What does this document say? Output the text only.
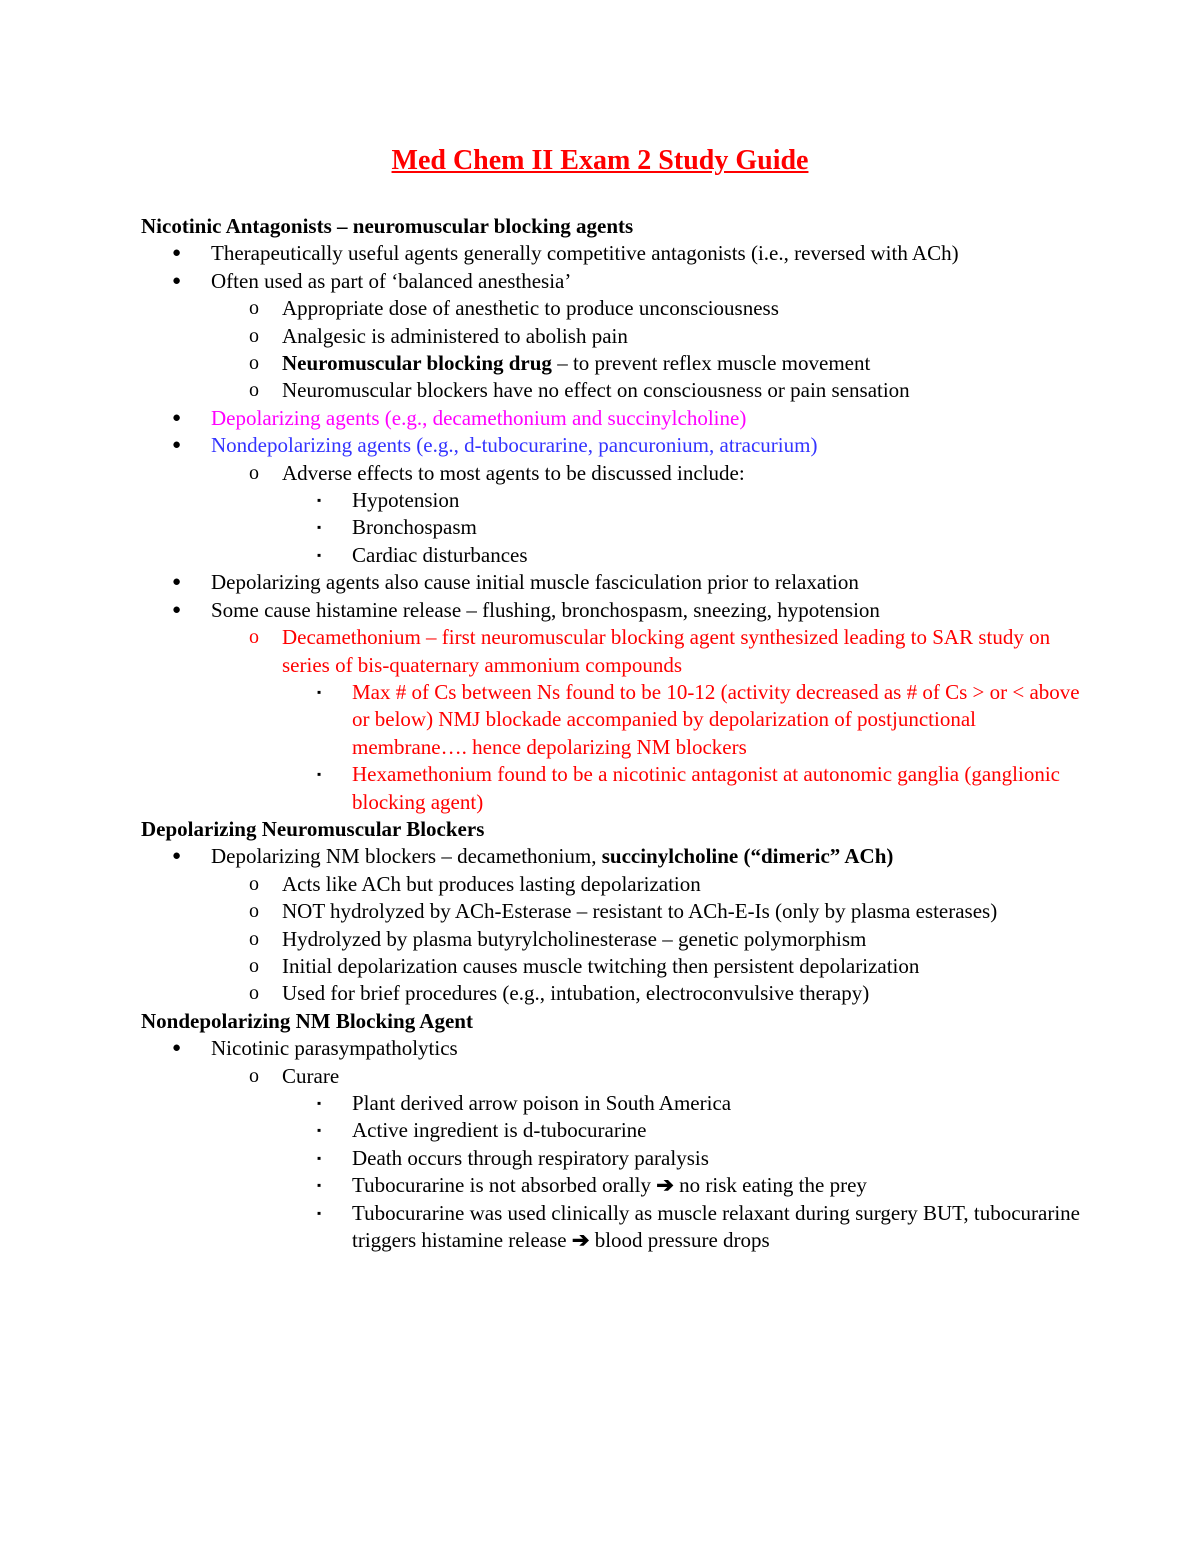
Med Chem II Exam 2 Study Guide
Nicotinic Antagonists – neuromuscular blocking agents
● Therapeutically useful agents generally competitive antagonists (i.e., reversed with ACh)
● Often used as part of ‘balanced anesthesia’
o Appropriate dose of anesthetic to produce unconsciousness
o Analgesic is administered to abolish pain
o Neuromuscular blocking drug – to prevent reflex muscle movement
o Neuromuscular blockers have no effect on consciousness or pain sensation
● Depolarizing agents (e.g., decamethonium and succinylcholine)
● Nondepolarizing agents (e.g., d-tubocurarine, pancuronium, atracurium)
o Adverse effects to most agents to be discussed include:
▪ Hypotension
▪ Bronchospasm
▪ Cardiac disturbances
● Depolarizing agents also cause initial muscle fasciculation prior to relaxation
● Some cause histamine release – flushing, bronchospasm, sneezing, hypotension
o Decamethonium – first neuromuscular blocking agent synthesized leading to SAR study on series of bis-quaternary ammonium compounds
▪ Max # of Cs between Ns found to be 10-12 (activity decreased as # of Cs > or < above or below) NMJ blockade accompanied by depolarization of postjunctional membrane…. hence depolarizing NM blockers
▪ Hexamethonium found to be a nicotinic antagonist at autonomic ganglia (ganglionic blocking agent)
Depolarizing Neuromuscular Blockers
● Depolarizing NM blockers – decamethonium, succinylcholine (“dimeric” ACh)
o Acts like ACh but produces lasting depolarization
o NOT hydrolyzed by ACh-Esterase – resistant to ACh-E-Is (only by plasma esterases)
o Hydrolyzed by plasma butyrylcholinesterase – genetic polymorphism
o Initial depolarization causes muscle twitching then persistent depolarization
o Used for brief procedures (e.g., intubation, electroconvulsive therapy)
Nondepolarizing NM Blocking Agent
● Nicotinic parasympatholytics
o Curare
▪ Plant derived arrow poison in South America
▪ Active ingredient is d-tubocurarine
▪ Death occurs through respiratory paralysis
▪ Tubocurarine is not absorbed orally ➔ no risk eating the prey
▪ Tubocurarine was used clinically as muscle relaxant during surgery BUT, tubocurarine triggers histamine release ➔ blood pressure drops
